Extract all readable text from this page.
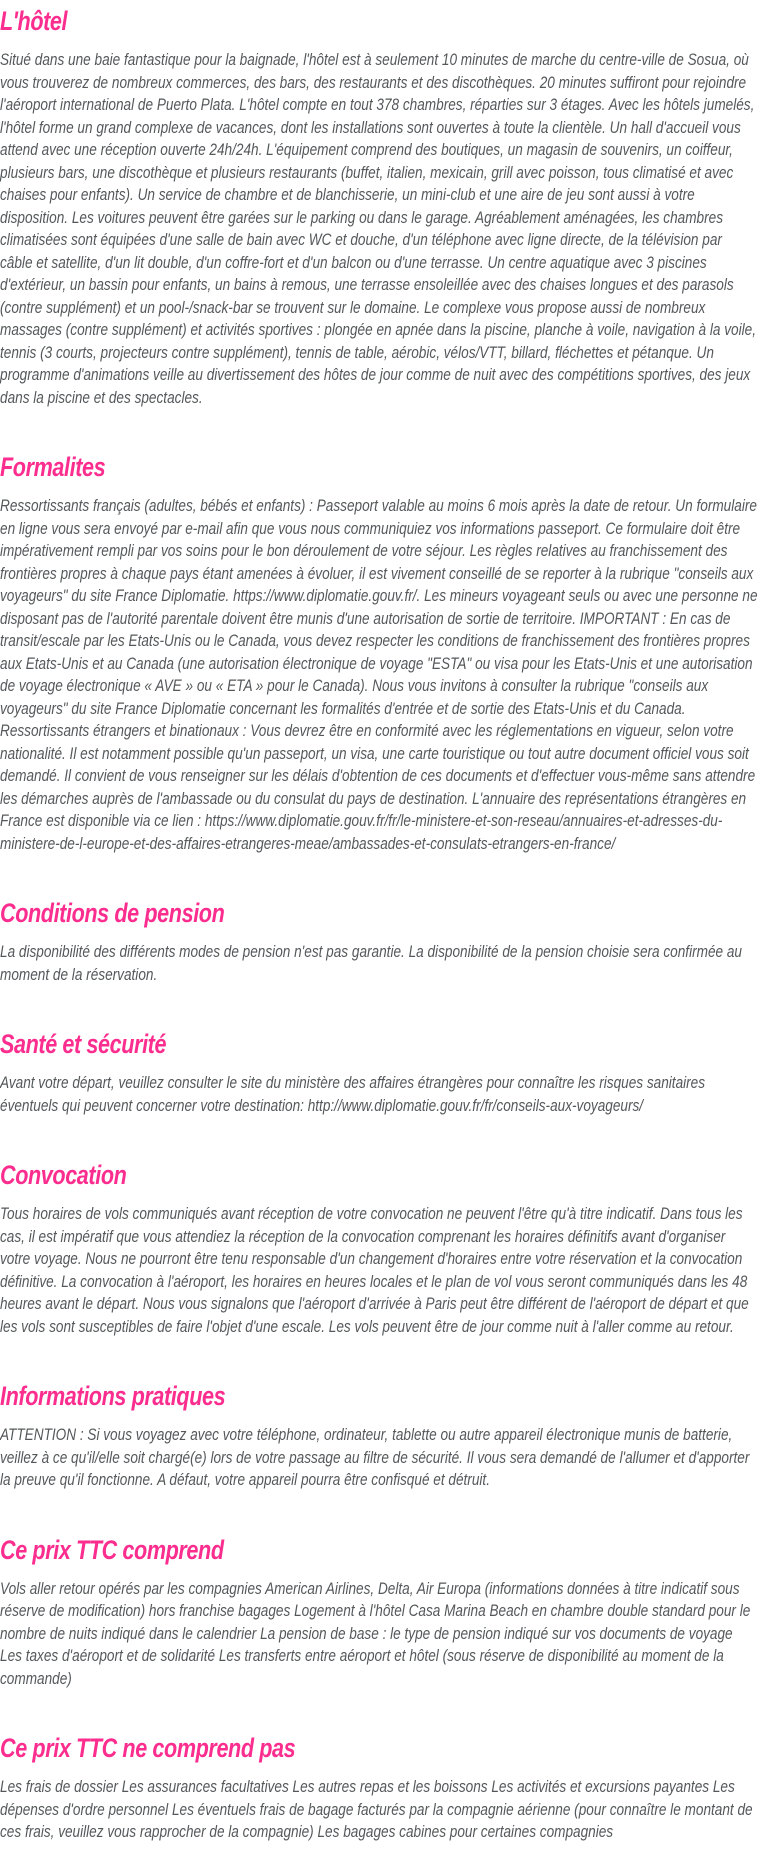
L'hôtel

Situé dans une baie fantastique pour la baignade, l'hôtel est à seulement 10 minutes de marche du centre-ville de Sosua, où vous trouverez de nombreux commerces, des bars, des restaurants et des discothèques. 20 minutes suffiront pour rejoindre l'aéroport international de Puerto Plata. L'hôtel compte en tout 378 chambres, réparties sur 3 étages. Avec les hôtels jumelés, l'hôtel forme un grand complexe de vacances, dont les installations sont ouvertes à toute la clientèle. Un hall d'accueil vous attend avec une réception ouverte 24h/24h. L'équipement comprend des boutiques, un magasin de souvenirs, un coiffeur, plusieurs bars, une discothèque et plusieurs restaurants (buffet, italien, mexicain, grill avec poisson, tous climatisé et avec chaises pour enfants). Un service de chambre et de blanchisserie, un mini-club et une aire de jeu sont aussi à votre disposition. Les voitures peuvent être garées sur le parking ou dans le garage. Agréablement aménagées, les chambres climatisées sont équipées d'une salle de bain avec WC et douche, d'un téléphone avec ligne directe, de la télévision par câble et satellite, d'un lit double, d'un coffre-fort et d'un balcon ou d'une terrasse. Un centre aquatique avec 3 piscines d'extérieur, un bassin pour enfants, un bains à remous, une terrasse ensoleillée avec des chaises longues et des parasols (contre supplément) et un pool-/snack-bar se trouvent sur le domaine. Le complexe vous propose aussi de nombreux massages (contre supplément) et activités sportives : plongée en apnée dans la piscine, planche à voile, navigation à la voile, tennis (3 courts, projecteurs contre supplément), tennis de table, aérobic, vélos/VTT, billard, fléchettes et pétanque. Un programme d'animations veille au divertissement des hôtes de jour comme de nuit avec des compétitions sportives, des jeux dans la piscine et des spectacles.

Formalites

Ressortissants français (adultes, bébés et enfants) : Passeport valable au moins 6 mois après la date de retour. Un formulaire en ligne vous sera envoyé par e-mail afin que vous nous communiquiez vos informations passeport. Ce formulaire doit être impérativement rempli par vos soins pour le bon déroulement de votre séjour. Les règles relatives au franchissement des frontières propres à chaque pays étant amenées à évoluer, il est vivement conseillé de se reporter à la rubrique "conseils aux voyageurs" du site France Diplomatie. https://www.diplomatie.gouv.fr/. Les mineurs voyageant seuls ou avec une personne ne disposant pas de l'autorité parentale doivent être munis d'une autorisation de sortie de territoire. IMPORTANT : En cas de transit/escale par les Etats-Unis ou le Canada, vous devez respecter les conditions de franchissement des frontières propres aux Etats-Unis et au Canada (une autorisation électronique de voyage "ESTA" ou visa pour les Etats-Unis et une autorisation de voyage électronique « AVE » ou « ETA » pour le Canada). Nous vous invitons à consulter la rubrique "conseils aux voyageurs" du site France Diplomatie concernant les formalités d'entrée et de sortie des Etats-Unis et du Canada. Ressortissants étrangers et binationaux : Vous devrez être en conformité avec les réglementations en vigueur, selon votre nationalité. Il est notamment possible qu'un passeport, un visa, une carte touristique ou tout autre document officiel vous soit demandé. Il convient de vous renseigner sur les délais d'obtention de ces documents et d'effectuer vous-même sans attendre les démarches auprès de l'ambassade ou du consulat du pays de destination. L'annuaire des représentations étrangères en France est disponible via ce lien : https://www.diplomatie.gouv.fr/fr/le-ministere-et-son-reseau/annuaires-et-adresses-du-ministere-de-l-europe-et-des-affaires-etrangeres-meae/ambassades-et-consulats-etrangers-en-france/

Conditions de pension

La disponibilité des différents modes de pension n'est pas garantie. La disponibilité de la pension choisie sera confirmée au moment de la réservation.

Santé et sécurité

Avant votre départ, veuillez consulter le site du ministère des affaires étrangères pour connaître les risques sanitaires éventuels qui peuvent concerner votre destination: http://www.diplomatie.gouv.fr/fr/conseils-aux-voyageurs/

Convocation

Tous horaires de vols communiqués avant réception de votre convocation ne peuvent l'être qu'à titre indicatif. Dans tous les cas, il est impératif que vous attendiez la réception de la convocation comprenant les horaires définitifs avant d'organiser votre voyage. Nous ne pourront être tenu responsable d'un changement d'horaires entre votre réservation et la convocation définitive. La convocation à l'aéroport, les horaires en heures locales et le plan de vol vous seront communiqués dans les 48 heures avant le départ. Nous vous signalons que l'aéroport d'arrivée à Paris peut être différent de l'aéroport de départ et que les vols sont susceptibles de faire l'objet d'une escale. Les vols peuvent être de jour comme nuit à l'aller comme au retour.

Informations pratiques

ATTENTION : Si vous voyagez avec votre téléphone, ordinateur, tablette ou autre appareil électronique munis de batterie, veillez à ce qu'il/elle soit chargé(e) lors de votre passage au filtre de sécurité. Il vous sera demandé de l'allumer et d'apporter la preuve qu'il fonctionne. A défaut, votre appareil pourra être confisqué et détruit.

Ce prix TTC comprend

Vols aller retour opérés par les compagnies American Airlines, Delta, Air Europa (informations données à titre indicatif sous réserve de modification) hors franchise bagages Logement à l'hôtel Casa Marina Beach en chambre double standard pour le nombre de nuits indiqué dans le calendrier La pension de base : le type de pension indiqué sur vos documents de voyage Les taxes d'aéroport et de solidarité Les transferts entre aéroport et hôtel (sous réserve de disponibilité au moment de la commande)

Ce prix TTC ne comprend pas

Les frais de dossier Les assurances facultatives Les autres repas et les boissons Les activités et excursions payantes Les dépenses d'ordre personnel Les éventuels frais de bagage facturés par la compagnie aérienne (pour connaître le montant de ces frais, veuillez vous rapprocher de la compagnie) Les bagages cabines pour certaines compagnies
